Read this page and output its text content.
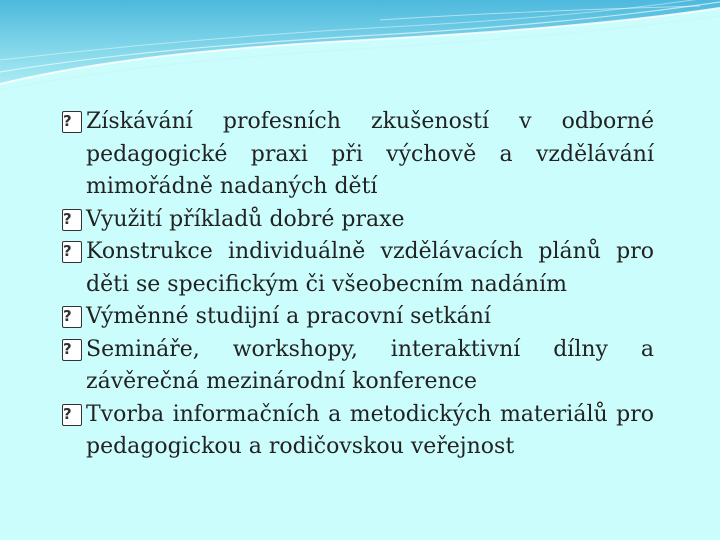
?
Získávání profesních zkušeností v odborné pedagogické praxi při výchově a vzdělávání mimořádně nadaných dětí
?
Využití příkladů dobré praxe
?
Konstrukce individuálně vzdělávacích plánů pro děti se specifickým či všeobecním nadáním
?
Výměnné studijní a pracovní setkání
?
Semináře, workshopy, interaktivní dílny a závěrečná mezinárodní konference
?
Tvorba informačních a metodických materiálů pro pedagogickou a rodičovskou veřejnost
